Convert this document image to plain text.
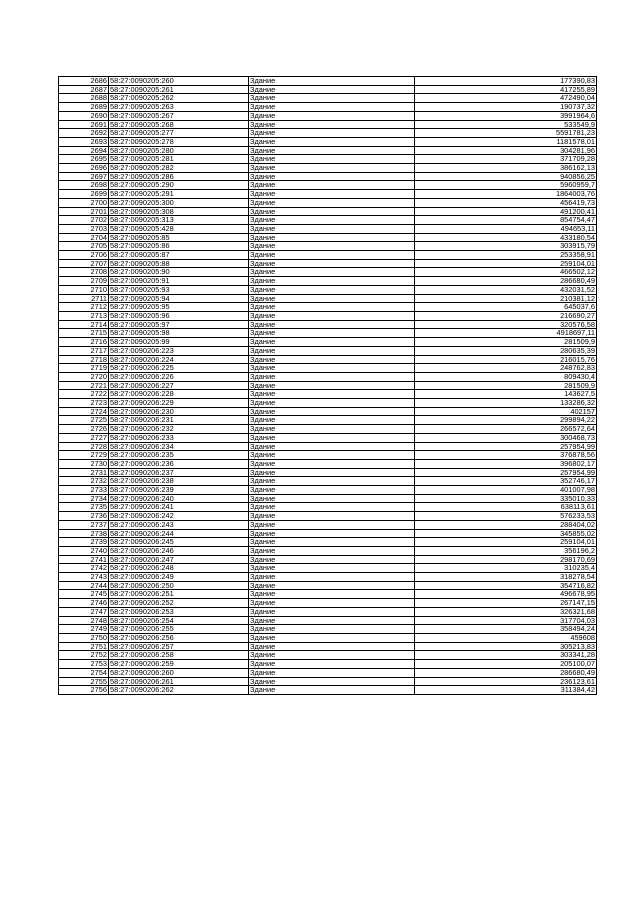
2686	58:27:0090205:260	Здание	177390,83
2687	58:27:0090205:261	Здание	417255,89
2688	58:27:0090205:262	Здание	472490,04
2689	58:27:0090205:263	Здание	190737,32
2690	58:27:0090205:267	Здание	3991964,6
2691	58:27:0090205:268	Здание	533549,9
2692	58:27:0090205:277	Здание	5591781,23
2693	58:27:0090205:278	Здание	1181578,01
2694	58:27:0090205:280	Здание	304281,96
2695	58:27:0090205:281	Здание	371709,28
2696	58:27:0090205:282	Здание	386162,13
2697	58:27:0090205:286	Здание	940856,25
2698	58:27:0090205:290	Здание	5960959,7
2699	58:27:0090205:291	Здание	1864003,76
2700	58:27:0090205:300	Здание	456419,73
2701	58:27:0090205:308	Здание	491200,41
2702	58:27:0090205:313	Здание	854754,47
2703	58:27:0090205:428	Здание	494653,11
2704	58:27:0090205:85	Здание	433180,54
2705	58:27:0090205:86	Здание	303915,79
2706	58:27:0090205:87	Здание	253358,91
2707	58:27:0090205:88	Здание	259104,01
2708	58:27:0090205:90	Здание	466502,12
2709	58:27:0090205:91	Здание	286680,49
2710	58:27:0090205:93	Здание	432031,52
2711	58:27:0090205:94	Здание	210381,12
2712	58:27:0090205:95	Здание	645037,6
2713	58:27:0090205:96	Здание	216690,27
2714	58:27:0090205:97	Здание	320576,58
2715	58:27:0090205:98	Здание	4918697,11
2716	58:27:0090205:99	Здание	281509,9
2717	58:27:0090206:223	Здание	280635,39
2718	58:27:0090206:224	Здание	216015,76
2719	58:27:0090206:225	Здание	248762,83
2720	58:27:0090206:226	Здание	809430,4
2721	58:27:0090206:227	Здание	281509,9
2722	58:27:0090206:228	Здание	143627,5
2723	58:27:0090206:229	Здание	133286,32
2724	58:27:0090206:230	Здание	402157
2725	58:27:0090206:231	Здание	299894,22
2726	58:27:0090206:232	Здание	266572,64
2727	58:27:0090206:233	Здание	300468,73
2728	58:27:0090206:234	Здание	257954,99
2729	58:27:0090206:235	Здание	376878,56
2730	58:27:0090206:236	Здание	396802,17
2731	58:27:0090206:237	Здание	257954,99
2732	58:27:0090206:238	Здание	352746,17
2733	58:27:0090206:239	Здание	401007,98
2734	58:27:0090206:240	Здание	335010,33
2735	58:27:0090206:241	Здание	638113,61
2736	58:27:0090206:242	Здание	576233,53
2737	58:27:0090206:243	Здание	288404,02
2738	58:27:0090206:244	Здание	345855,02
2739	58:27:0090206:245	Здание	259104,01
2740	58:27:0090206:246	Здание	356196,2
2741	58:27:0090206:247	Здание	298170,69
2742	58:27:0090206:248	Здание	310235,4
2743	58:27:0090206:249	Здание	318278,54
2744	58:27:0090206:250	Здание	354716,82
2745	58:27:0090206:251	Здание	496678,95
2746	58:27:0090206:252	Здание	267147,15
2747	58:27:0090206:253	Здание	326321,68
2748	58:27:0090206:254	Здание	317704,03
2749	58:27:0090206:255	Здание	358494,24
2750	58:27:0090206:256	Здание	459608
2751	58:27:0090206:257	Здание	305213,83
2752	58:27:0090206:258	Здание	303341,28
2753	58:27:0090206:259	Здание	205100,07
2754	58:27:0090206:260	Здание	286680,49
2755	58:27:0090206:261	Здание	236123,61
2756	58:27:0090206:262	Здание	311384,42
